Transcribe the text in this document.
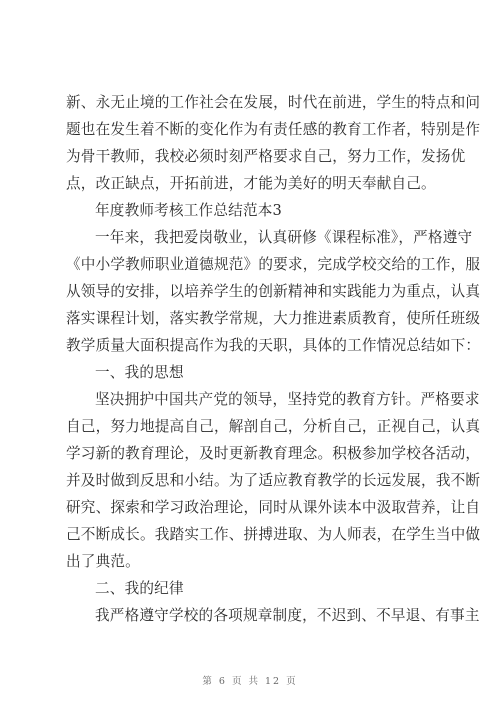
新、永无止境的工作社会在发展，时代在前进，学生的特点和问
题也在发生着不断的变化作为有责任感的教育工作者，特别是作
为骨干教师，我校必须时刻严格要求自己，努力工作，发扬优
点，改正缺点，开拓前进，才能为美好的明天奉献自己。
年度教师考核工作总结范本3
一年来，我把爱岗敬业，认真研修《课程标准》，严格遵守
《中小学教师职业道德规范》的要求，完成学校交给的工作，服
从领导的安排，以培养学生的创新精神和实践能力为重点，认真
落实课程计划，落实教学常规，大力推进素质教育，使所任班级
教学质量大面积提高作为我的天职，具体的工作情况总结如下：
一、我的思想
坚决拥护中国共产党的领导，坚持党的教育方针。严格要求
自己，努力地提高自己，解剖自己，分析自己，正视自己，认真
学习新的教育理论，及时更新教育理念。积极参加学校各活动，
并及时做到反思和小结。为了适应教育教学的长远发展，我不断
研究、探索和学习政治理论，同时从课外读本中汲取营养，让自
己不断成长。我踏实工作、拼搏进取、为人师表，在学生当中做
出了典范。
二、我的纪律
我严格遵守学校的各项规章制度，不迟到、不早退、有事主
第 6 页 共 12 页
